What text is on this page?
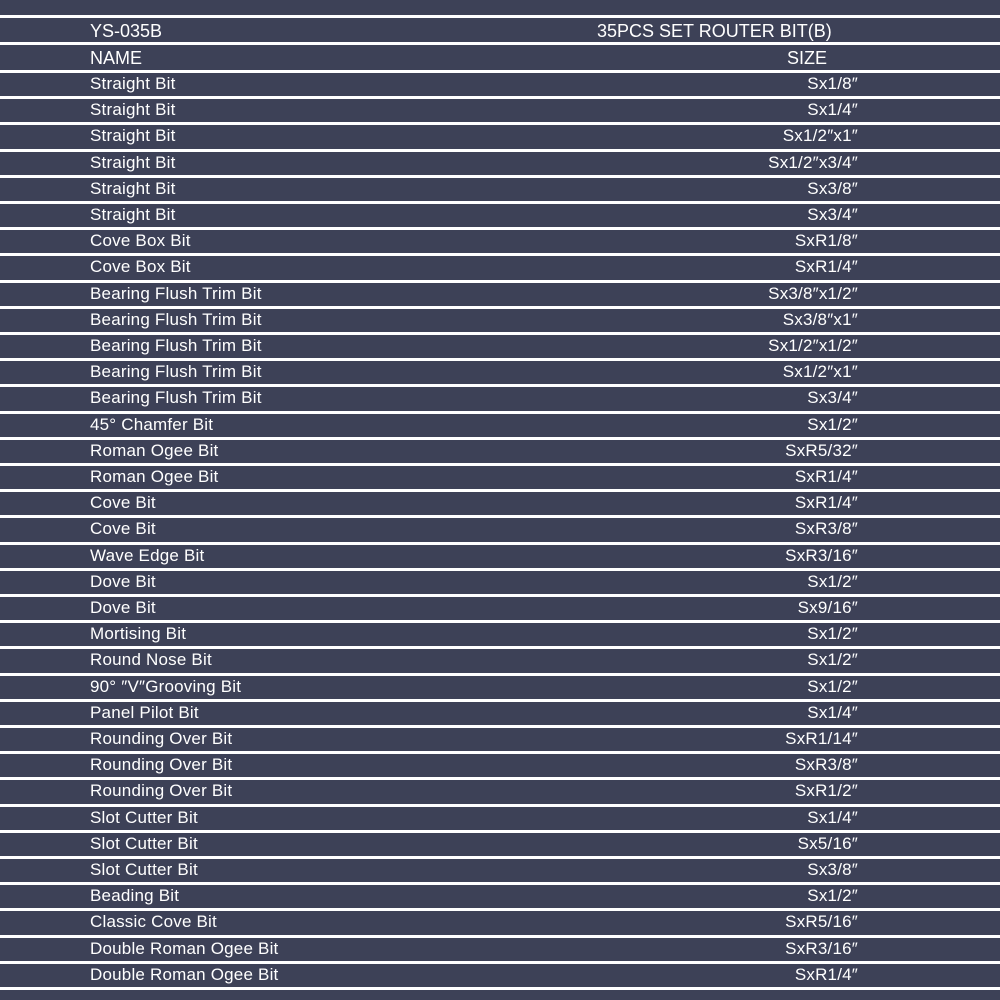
YS-035B	35PCS SET ROUTER BIT(B)
NAME	SIZE
Straight Bit	Sx1/8″
Straight Bit	Sx1/4″
Straight Bit	Sx1/2″x1″
Straight Bit	Sx1/2″x3/4″
Straight Bit	Sx3/8″
Straight Bit	Sx3/4″
Cove Box Bit	SxR1/8″
Cove Box Bit	SxR1/4″
Bearing Flush Trim Bit	Sx3/8″x1/2″
Bearing Flush Trim Bit	Sx3/8″x1″
Bearing Flush Trim Bit	Sx1/2″x1/2″
Bearing Flush Trim Bit	Sx1/2″x1″
Bearing Flush Trim Bit	Sx3/4″
45° Chamfer Bit	Sx1/2″
Roman Ogee Bit	SxR5/32″
Roman Ogee Bit	SxR1/4″
Cove Bit	SxR1/4″
Cove Bit	SxR3/8″
Wave Edge Bit	SxR3/16″
Dove Bit	Sx1/2″
Dove Bit	Sx9/16″
Mortising Bit	Sx1/2″
Round Nose Bit	Sx1/2″
90° ″V″Grooving Bit	Sx1/2″
Panel Pilot Bit	Sx1/4″
Rounding Over Bit	SxR1/14″
Rounding Over Bit	SxR3/8″
Rounding Over Bit	SxR1/2″
Slot Cutter Bit	Sx1/4″
Slot Cutter Bit	Sx5/16″
Slot Cutter Bit	Sx3/8″
Beading Bit	Sx1/2″
Classic Cove Bit	SxR5/16″
Double Roman Ogee Bit	SxR3/16″
Double Roman Ogee Bit	SxR1/4″
